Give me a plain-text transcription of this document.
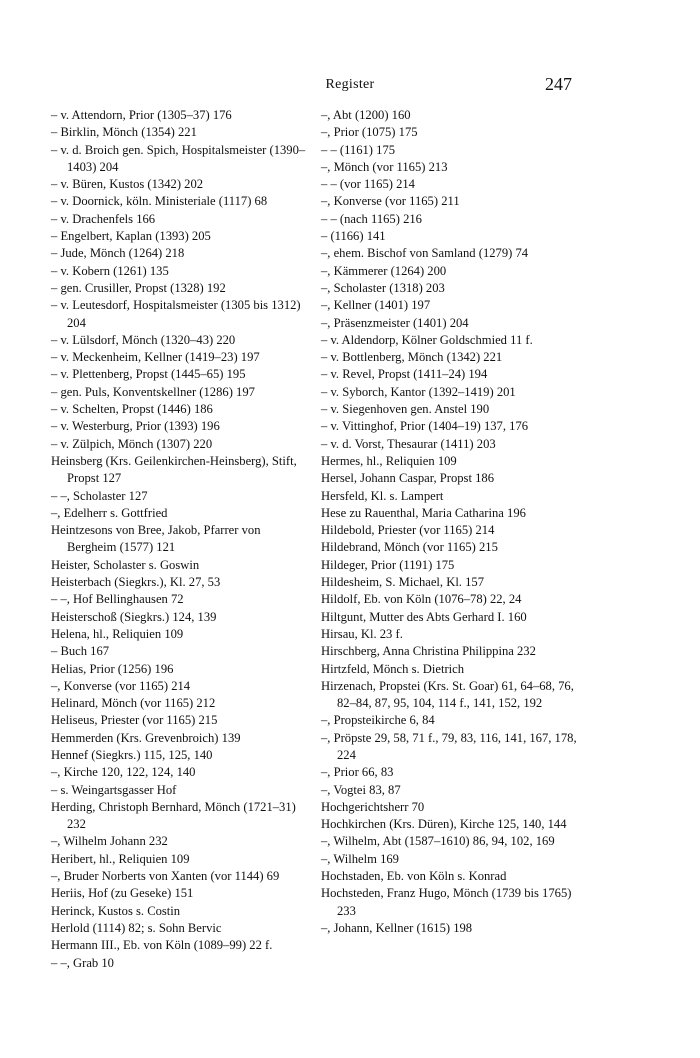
Register	247
– v. Attendorn, Prior (1305–37) 176
– Birklin, Mönch (1354) 221
– v. d. Broich gen. Spich, Hospitalsmeister (1390–1403) 204
– v. Büren, Kustos (1342) 202
– v. Doornick, köln. Ministeriale (1117) 68
– v. Drachenfels 166
– Engelbert, Kaplan (1393) 205
– Jude, Mönch (1264) 218
– v. Kobern (1261) 135
– gen. Crusiller, Propst (1328) 192
– v. Leutesdorf, Hospitalsmeister (1305 bis 1312) 204
– v. Lülsdorf, Mönch (1320–43) 220
– v. Meckenheim, Kellner (1419–23) 197
– v. Plettenberg, Propst (1445–65) 195
– gen. Puls, Konventskellner (1286) 197
– v. Schelten, Propst (1446) 186
– v. Westerburg, Prior (1393) 196
– v. Zülpich, Mönch (1307) 220
Heinsberg (Krs. Geilenkirchen-Heinsberg), Stift, Propst 127
– –, Scholaster 127
–, Edelherr s. Gottfried
Heintzesons von Bree, Jakob, Pfarrer von Bergheim (1577) 121
Heister, Scholaster s. Goswin
Heisterbach (Siegkrs.), Kl. 27, 53
– –, Hof Bellinghausen 72
Heisterschoß (Siegkrs.) 124, 139
Helena, hl., Reliquien 109
– Buch 167
Helias, Prior (1256) 196
–, Konverse (vor 1165) 214
Helinard, Mönch (vor 1165) 212
Heliseus, Priester (vor 1165) 215
Hemmerden (Krs. Grevenbroich) 139
Hennef (Siegkrs.) 115, 125, 140
–, Kirche 120, 122, 124, 140
– s. Weingartsgasser Hof
Herding, Christoph Bernhard, Mönch (1721–31) 232
–, Wilhelm Johann 232
Heribert, hl., Reliquien 109
–, Bruder Norberts von Xanten (vor 1144) 69
Heriis, Hof (zu Geseke) 151
Herinck, Kustos s. Costin
Herlold (1114) 82; s. Sohn Bervic
Hermann III., Eb. von Köln (1089–99) 22 f.
– –, Grab 10
–, Abt (1200) 160
–, Prior (1075) 175
– – (1161) 175
–, Mönch (vor 1165) 213
– – (vor 1165) 214
–, Konverse (vor 1165) 211
– – (nach 1165) 216
– (1166) 141
–, ehem. Bischof von Samland (1279) 74
–, Kämmerer (1264) 200
–, Scholaster (1318) 203
–, Kellner (1401) 197
–, Präsenzmeister (1401) 204
– v. Aldendorp, Kölner Goldschmied 11 f.
– v. Bottlenberg, Mönch (1342) 221
– v. Revel, Propst (1411–24) 194
– v. Syborch, Kantor (1392–1419) 201
– v. Siegenhoven gen. Anstel 190
– v. Vittinghof, Prior (1404–19) 137, 176
– v. d. Vorst, Thesaurar (1411) 203
Hermes, hl., Reliquien 109
Hersel, Johann Caspar, Propst 186
Hersfeld, Kl. s. Lampert
Hese zu Rauenthal, Maria Catharina 196
Hildebold, Priester (vor 1165) 214
Hildebrand, Mönch (vor 1165) 215
Hildeger, Prior (1191) 175
Hildesheim, S. Michael, Kl. 157
Hildolf, Eb. von Köln (1076–78) 22, 24
Hiltgunt, Mutter des Abts Gerhard I. 160
Hirsau, Kl. 23 f.
Hirschberg, Anna Christina Philippina 232
Hirtzfeld, Mönch s. Dietrich
Hirzenach, Propstei (Krs. St. Goar) 61, 64–68, 76, 82–84, 87, 95, 104, 114 f., 141, 152, 192
–, Propsteikirche 6, 84
–, Pröpste 29, 58, 71 f., 79, 83, 116, 141, 167, 178, 224
–, Prior 66, 83
–, Vogtei 83, 87
Hochgerichtsherr 70
Hochkirchen (Krs. Düren), Kirche 125, 140, 144
–, Wilhelm, Abt (1587–1610) 86, 94, 102, 169
–, Wilhelm 169
Hochstaden, Eb. von Köln s. Konrad
Hochsteden, Franz Hugo, Mönch (1739 bis 1765) 233
–, Johann, Kellner (1615) 198
